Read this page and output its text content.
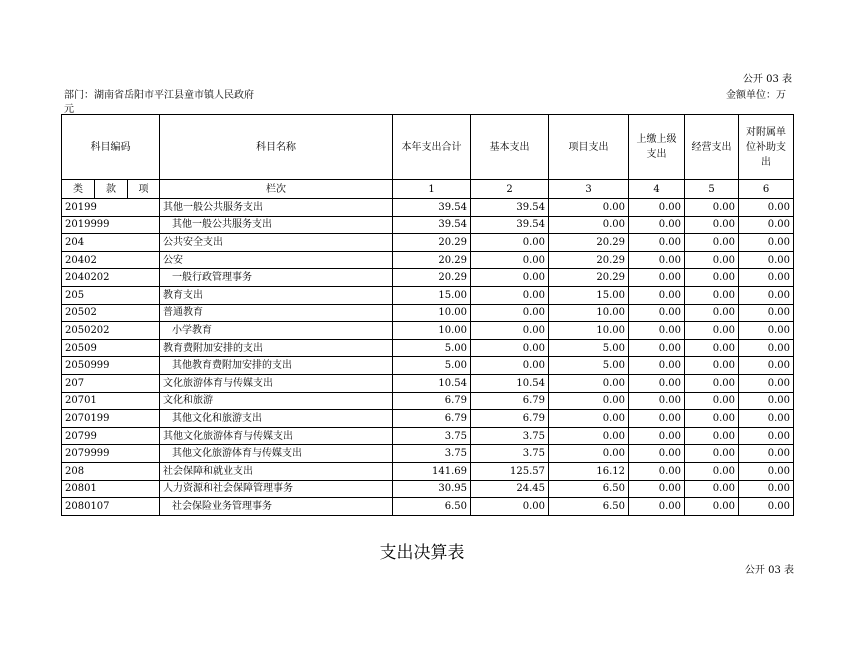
公开 03 表
部门：湖南省岳阳市平江县童市镇人民政府	金额单位：万
元
科目编码			科目名称	本年支出合计	基本支出	项目支出	上缴上级支出	经营支出	对附属单位补助支出
类	款	项	栏次	1	2	3	4	5	6
20199			其他一般公共服务支出	39.54	39.54	0.00	0.00	0.00	0.00
2019999			其他一般公共服务支出	39.54	39.54	0.00	0.00	0.00	0.00
204			公共安全支出	20.29	0.00	20.29	0.00	0.00	0.00
20402			公安	20.29	0.00	20.29	0.00	0.00	0.00
2040202			一般行政管理事务	20.29	0.00	20.29	0.00	0.00	0.00
205			教育支出	15.00	0.00	15.00	0.00	0.00	0.00
20502			普通教育	10.00	0.00	10.00	0.00	0.00	0.00
2050202			小学教育	10.00	0.00	10.00	0.00	0.00	0.00
20509			教育费附加安排的支出	5.00	0.00	5.00	0.00	0.00	0.00
2050999			其他教育费附加安排的支出	5.00	0.00	5.00	0.00	0.00	0.00
207			文化旅游体育与传媒支出	10.54	10.54	0.00	0.00	0.00	0.00
20701			文化和旅游	6.79	6.79	0.00	0.00	0.00	0.00
2070199			其他文化和旅游支出	6.79	6.79	0.00	0.00	0.00	0.00
20799			其他文化旅游体育与传媒支出	3.75	3.75	0.00	0.00	0.00	0.00
2079999			其他文化旅游体育与传媒支出	3.75	3.75	0.00	0.00	0.00	0.00
208			社会保障和就业支出	141.69	125.57	16.12	0.00	0.00	0.00
20801			人力资源和社会保障管理事务	30.95	24.45	6.50	0.00	0.00	0.00
2080107			社会保险业务管理事务	6.50	0.00	6.50	0.00	0.00	0.00
支出决算表
公开 03 表
